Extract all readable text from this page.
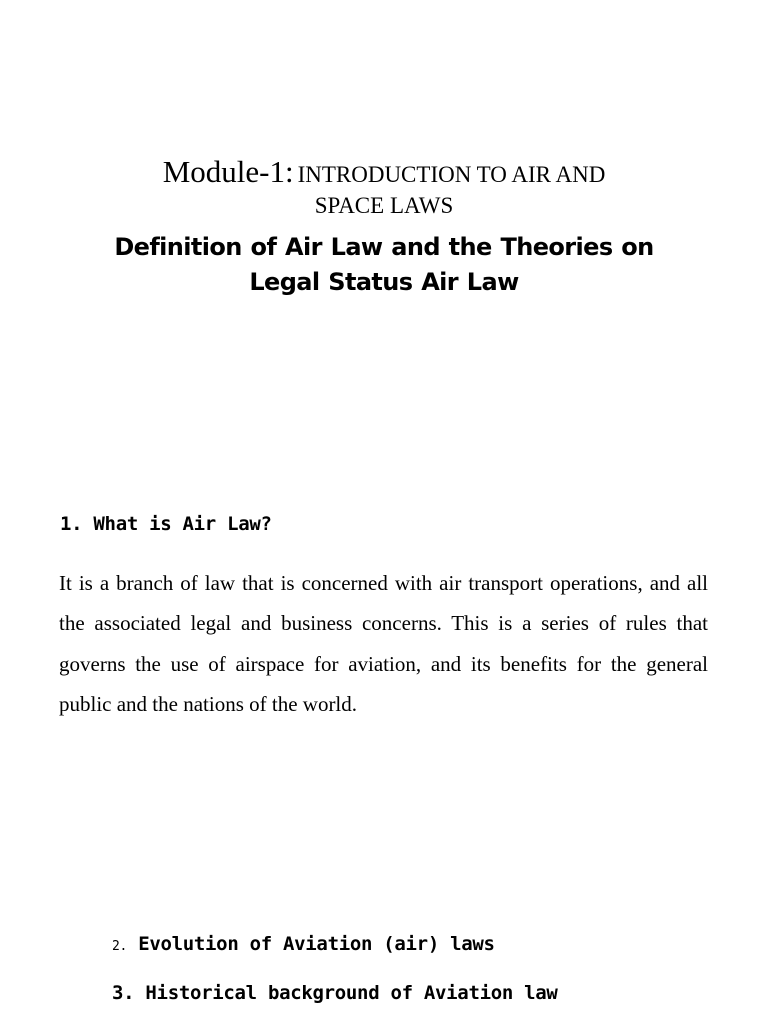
Module-1: INTRODUCTION TO AIR AND
SPACE LAWS
Definition of Air Law and the Theories on
Legal Status Air Law
1. What is Air Law?
It is a branch of law that is concerned with air transport operations, and all the associated legal and business concerns. This is a series of rules that governs the use of airspace for aviation, and its benefits for the general public and the nations of the world.
2. Evolution of Aviation (air) laws
3. Historical background of Aviation law
